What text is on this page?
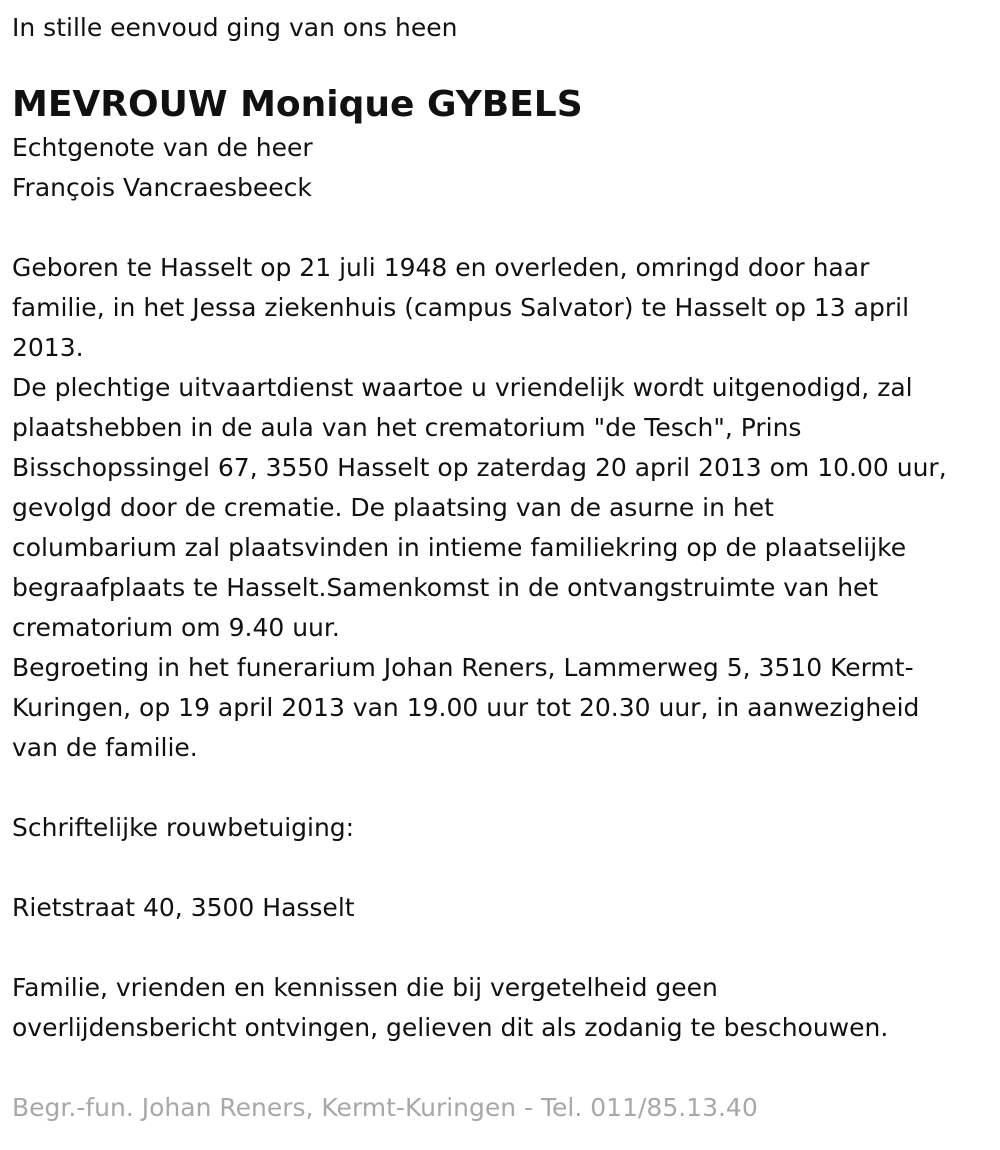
In stille eenvoud ging van ons heen

MEVROUW Monique GYBELS

Echtgenote van de heer

François Vancraesbeeck

Geboren te Hasselt op 21 juli 1948 en overleden, omringd door haar

familie, in het Jessa ziekenhuis (campus Salvator) te Hasselt op 13 april

2013.

De plechtige uitvaartdienst waartoe u vriendelijk wordt uitgenodigd, zal

plaatshebben in de aula van het crematorium "de Tesch", Prins

Bisschopssingel 67, 3550 Hasselt op zaterdag 20 april 2013 om 10.00 uur,

gevolgd door de crematie. De plaatsing van de asurne in het

columbarium zal plaatsvinden in intieme familiekring op de plaatselijke

begraafplaats te Hasselt.Samenkomst in de ontvangstruimte van het

crematorium om 9.40 uur.

Begroeting in het funerarium Johan Reners, Lammerweg 5, 3510 Kermt-

Kuringen, op 19 april 2013 van 19.00 uur tot 20.30 uur, in aanwezigheid

van de familie.

Schriftelijke rouwbetuiging:

Rietstraat 40, 3500 Hasselt

Familie, vrienden en kennissen die bij vergetelheid geen

overlijdensbericht ontvingen, gelieven dit als zodanig te beschouwen.

Begr.-fun. Johan Reners, Kermt-Kuringen - Tel. 011/85.13.40
